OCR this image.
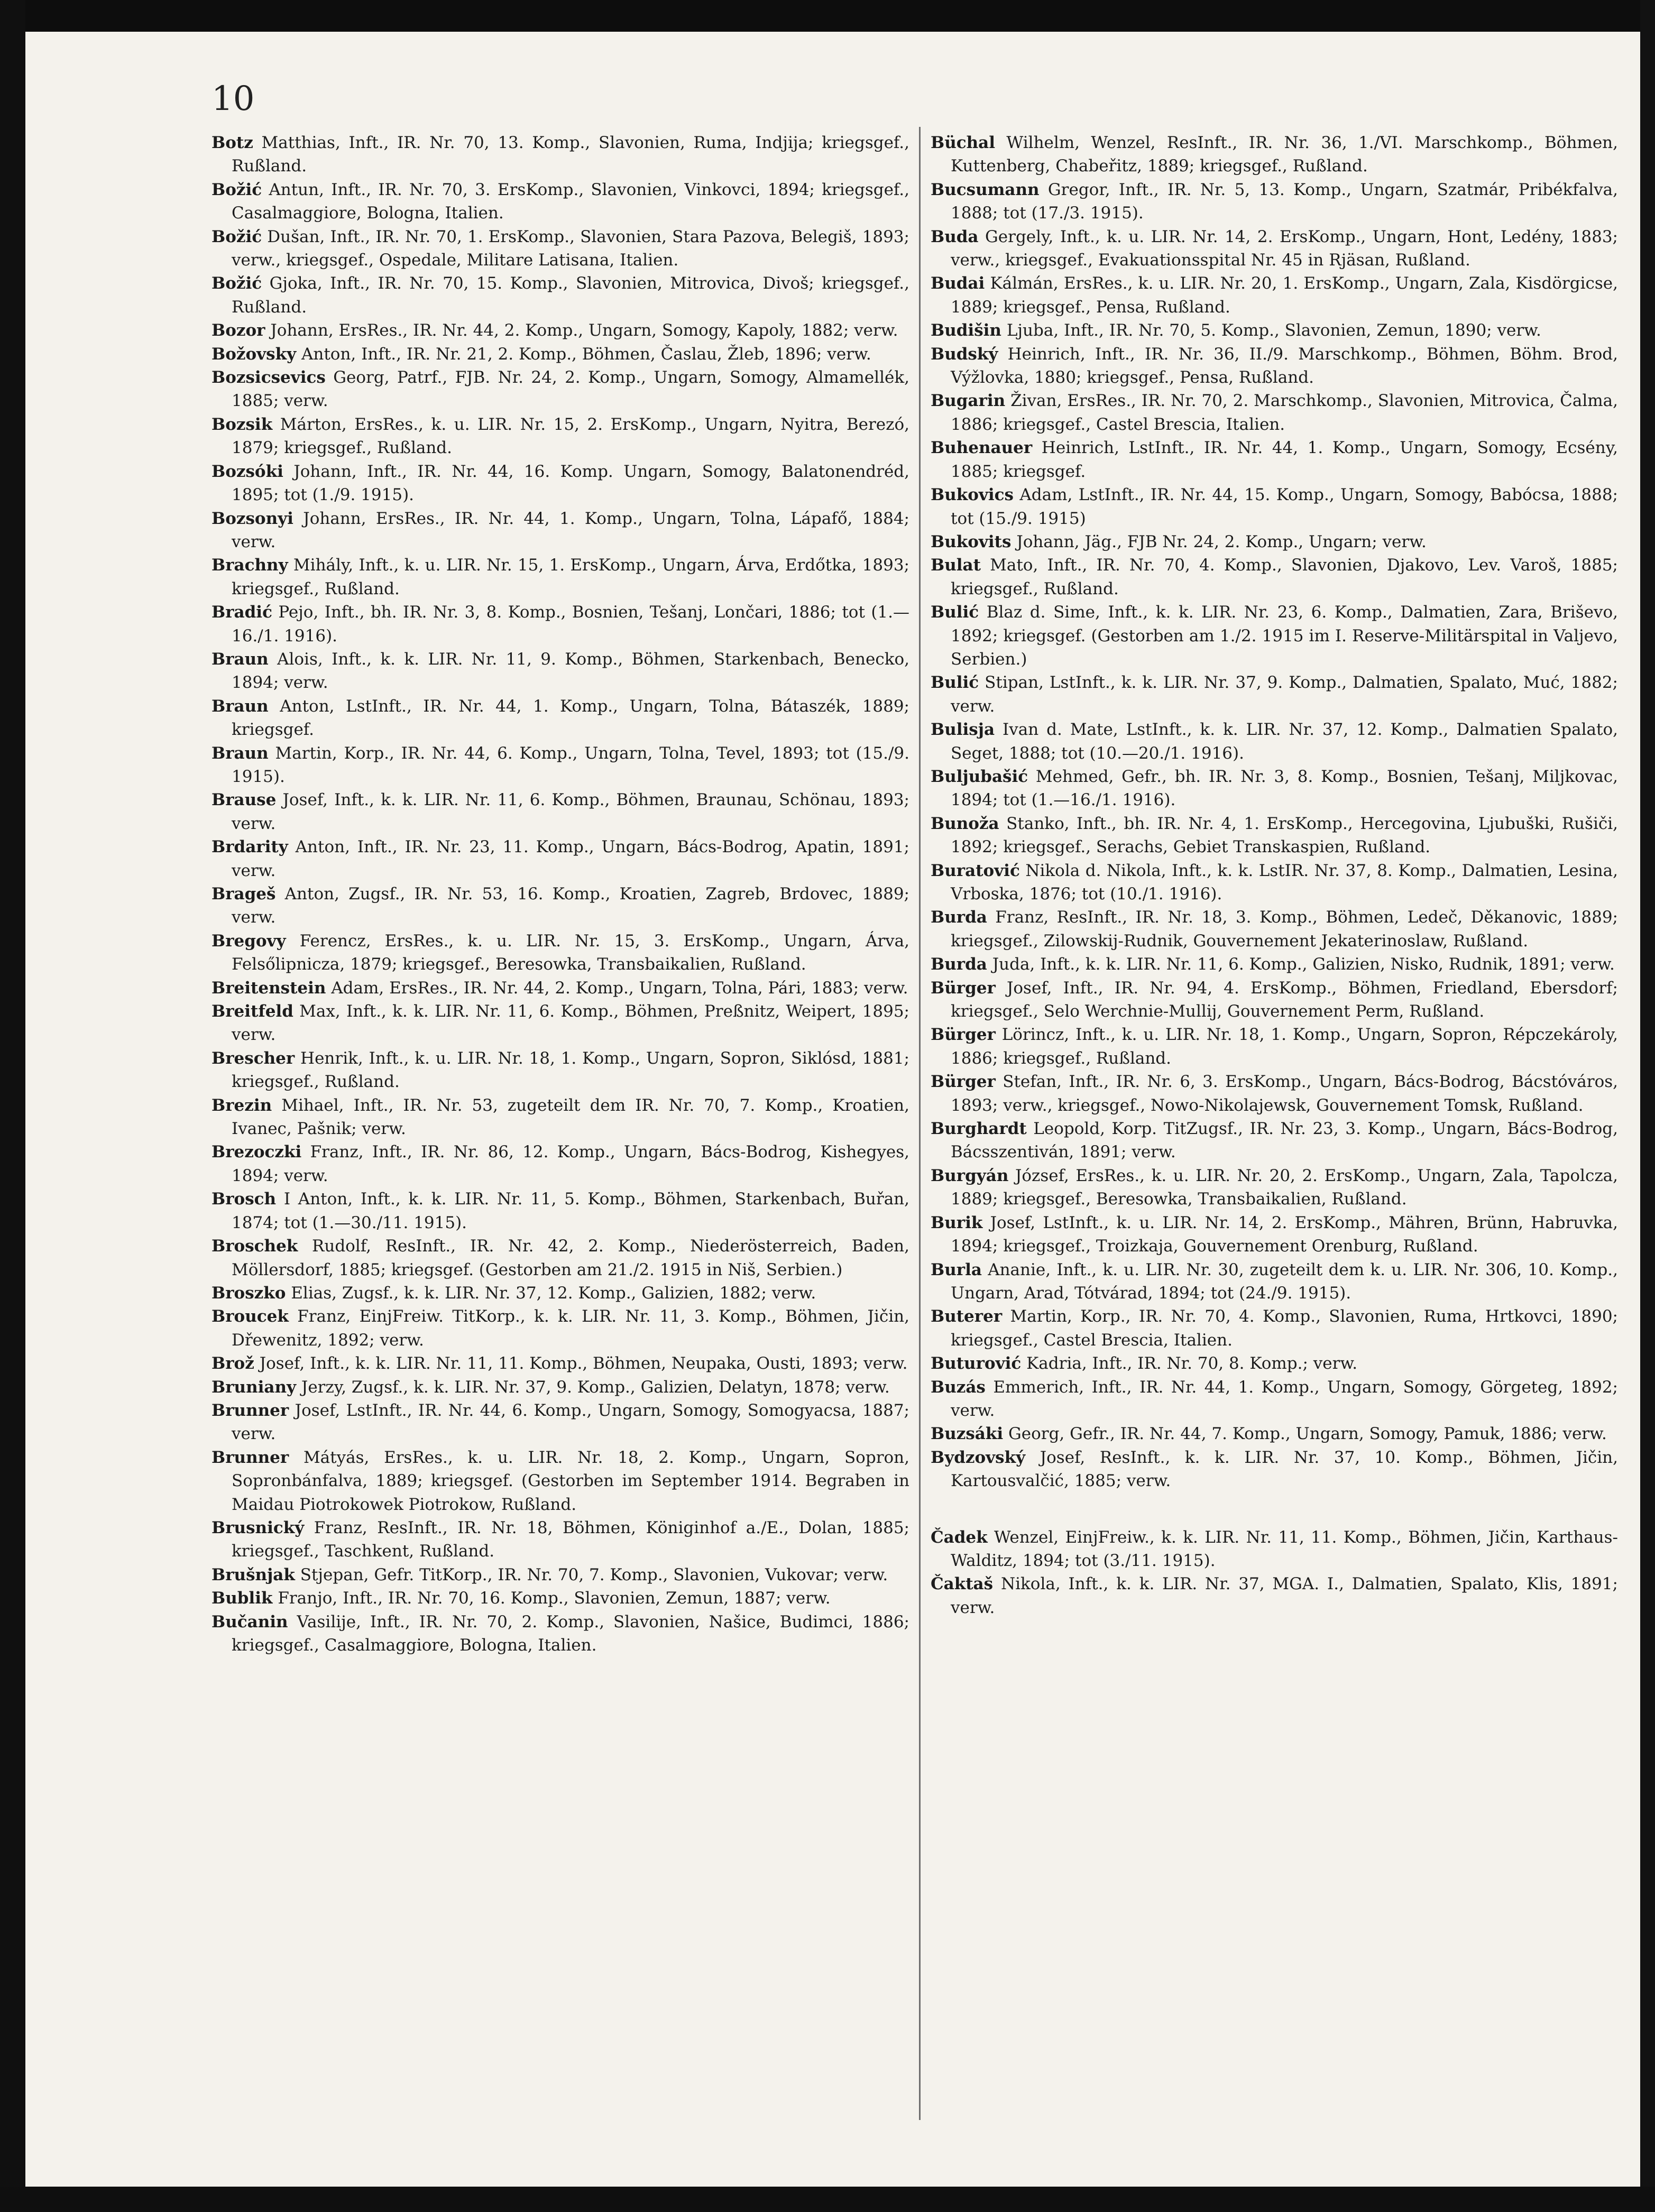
10

Botz Matthias, Inft., IR. Nr. 70, 13. Komp., Slavonien, Ruma, Indjija; kriegsgef., Rußland.

Božić Antun, Inft., IR. Nr. 70, 3. ErsKomp., Slavonien, Vinkovci, 1894; kriegsgef., Casalmaggiore, Bologna, Italien.

Božić Dušan, Inft., IR. Nr. 70, 1. ErsKomp., Slavonien, Stara Pazova, Belegiš, 1893; verw., kriegsgef., Ospedale, Militare Latisana, Italien.

Božić Gjoka, Inft., IR. Nr. 70, 15. Komp., Slavonien, Mitrovica, Divoš; kriegsgef., Rußland.

Bozor Johann, ErsRes., IR. Nr. 44, 2. Komp., Ungarn, Somogy, Kapoly, 1882; verw.

Božovsky Anton, Inft., IR. Nr. 21, 2. Komp., Böhmen, Časlau, Žleb, 1896; verw.

Bozsicsevics Georg, Patrf., FJB. Nr. 24, 2. Komp., Ungarn, Somogy, Almamellék, 1885; verw.

Bozsik Márton, ErsRes., k. u. LIR. Nr. 15, 2. ErsKomp., Ungarn, Nyitra, Berezó, 1879; kriegsgef., Rußland.

Bozsóki Johann, Inft., IR. Nr. 44, 16. Komp. Ungarn, Somogy, Balatonendréd, 1895; tot (1./9. 1915).

Bozsonyi Johann, ErsRes., IR. Nr. 44, 1. Komp., Ungarn, Tolna, Lápafő, 1884; verw.

Brachny Mihály, Inft., k. u. LIR. Nr. 15, 1. ErsKomp., Ungarn, Árva, Erdőtka, 1893; kriegsgef., Rußland.

Bradić Pejo, Inft., bh. IR. Nr. 3, 8. Komp., Bosnien, Tešanj, Lončari, 1886; tot (1.—16./1. 1916).

Braun Alois, Inft., k. k. LIR. Nr. 11, 9. Komp., Böhmen, Starkenbach, Benecko, 1894; verw.

Braun Anton, LstInft., IR. Nr. 44, 1. Komp., Ungarn, Tolna, Bátaszék, 1889; kriegsgef.

Braun Martin, Korp., IR. Nr. 44, 6. Komp., Ungarn, Tolna, Tevel, 1893; tot (15./9. 1915).

Brause Josef, Inft., k. k. LIR. Nr. 11, 6. Komp., Böhmen, Braunau, Schönau, 1893; verw.

Brdarity Anton, Inft., IR. Nr. 23, 11. Komp., Ungarn, Bács-Bodrog, Apatin, 1891; verw.

Brageš Anton, Zugsf., IR. Nr. 53, 16. Komp., Kroatien, Zagreb, Brdovec, 1889; verw.

Bregovy Ferencz, ErsRes., k. u. LIR. Nr. 15, 3. ErsKomp., Ungarn, Árva, Felsőlipnicza, 1879; kriegsgef., Beresowka, Transbaikalien, Rußland.

Breitenstein Adam, ErsRes., IR. Nr. 44, 2. Komp., Ungarn, Tolna, Pári, 1883; verw.

Breitfeld Max, Inft., k. k. LIR. Nr. 11, 6. Komp., Böhmen, Preßnitz, Weipert, 1895; verw.

Brescher Henrik, Inft., k. u. LIR. Nr. 18, 1. Komp., Ungarn, Sopron, Siklósd, 1881; kriegsgef., Rußland.

Brezin Mihael, Inft., IR. Nr. 53, zugeteilt dem IR. Nr. 70, 7. Komp., Kroatien, Ivanec, Pašnik; verw.

Brezoczki Franz, Inft., IR. Nr. 86, 12. Komp., Ungarn, Bács-Bodrog, Kishegyes, 1894; verw.

Brosch I Anton, Inft., k. k. LIR. Nr. 11, 5. Komp., Böhmen, Starkenbach, Buřan, 1874; tot (1.—30./11. 1915).

Broschek Rudolf, ResInft., IR. Nr. 42, 2. Komp., Niederösterreich, Baden, Möllersdorf, 1885; kriegsgef. (Gestorben am 21./2. 1915 in Niš, Serbien.)

Broszko Elias, Zugsf., k. k. LIR. Nr. 37, 12. Komp., Galizien, 1882; verw.

Broucek Franz, EinjFreiw. TitKorp., k. k. LIR. Nr. 11, 3. Komp., Böhmen, Jičin, Dřewenitz, 1892; verw.

Brož Josef, Inft., k. k. LIR. Nr. 11, 11. Komp., Böhmen, Neupaka, Ousti, 1893; verw.

Bruniany Jerzy, Zugsf., k. k. LIR. Nr. 37, 9. Komp., Galizien, Delatyn, 1878; verw.

Brunner Josef, LstInft., IR. Nr. 44, 6. Komp., Ungarn, Somogy, Somogyacsa, 1887; verw.

Brunner Mátyás, ErsRes., k. u. LIR. Nr. 18, 2. Komp., Ungarn, Sopron, Sopronbánfalva, 1889; kriegsgef. (Gestorben im September 1914. Begraben in Maidau Piotrokowek Piotrokow, Rußland.

Brusnický Franz, ResInft., IR. Nr. 18, Böhmen, Königinhof a./E., Dolan, 1885; kriegsgef., Taschkent, Rußland.

Brušnjak Stjepan, Gefr. TitKorp., IR. Nr. 70, 7. Komp., Slavonien, Vukovar; verw.

Bublik Franjo, Inft., IR. Nr. 70, 16. Komp., Slavonien, Zemun, 1887; verw.

Bučanin Vasilije, Inft., IR. Nr. 70, 2. Komp., Slavonien, Našice, Budimci, 1886; kriegsgef., Casalmaggiore, Bologna, Italien.

Büchal Wilhelm, Wenzel, ResInft., IR. Nr. 36, 1./VI. Marschkomp., Böhmen, Kuttenberg, Chabeřitz, 1889; kriegsgef., Rußland.

Bucsumann Gregor, Inft., IR. Nr. 5, 13. Komp., Ungarn, Szatmár, Pribékfalva, 1888; tot (17./3. 1915).

Buda Gergely, Inft., k. u. LIR. Nr. 14, 2. ErsKomp., Ungarn, Hont, Ledény, 1883; verw., kriegsgef., Evakuationsspital Nr. 45 in Rjäsan, Rußland.

Budai Kálmán, ErsRes., k. u. LIR. Nr. 20, 1. ErsKomp., Ungarn, Zala, Kisdörgicse, 1889; kriegsgef., Pensa, Rußland.

Budišin Ljuba, Inft., IR. Nr. 70, 5. Komp., Slavonien, Zemun, 1890; verw.

Budský Heinrich, Inft., IR. Nr. 36, II./9. Marschkomp., Böhmen, Böhm. Brod, Výžlovka, 1880; kriegsgef., Pensa, Rußland.

Bugarin Živan, ErsRes., IR. Nr. 70, 2. Marschkomp., Slavonien, Mitrovica, Čalma, 1886; kriegsgef., Castel Brescia, Italien.

Buhenauer Heinrich, LstInft., IR. Nr. 44, 1. Komp., Ungarn, Somogy, Ecsény, 1885; kriegsgef.

Bukovics Adam, LstInft., IR. Nr. 44, 15. Komp., Ungarn, Somogy, Babócsa, 1888; tot (15./9. 1915)

Bukovits Johann, Jäg., FJB Nr. 24, 2. Komp., Ungarn; verw.

Bulat Mato, Inft., IR. Nr. 70, 4. Komp., Slavonien, Djakovo, Lev. Varoš, 1885; kriegsgef., Rußland.

Bulić Blaz d. Sime, Inft., k. k. LIR. Nr. 23, 6. Komp., Dalmatien, Zara, Briševo, 1892; kriegsgef. (Gestorben am 1./2. 1915 im I. Reserve-Militärspital in Valjevo, Serbien.)

Bulić Stipan, LstInft., k. k. LIR. Nr. 37, 9. Komp., Dalmatien, Spalato, Muć, 1882; verw.

Bulisja Ivan d. Mate, LstInft., k. k. LIR. Nr. 37, 12. Komp., Dalmatien Spalato, Seget, 1888; tot (10.—20./1. 1916).

Buljubašić Mehmed, Gefr., bh. IR. Nr. 3, 8. Komp., Bosnien, Tešanj, Miljkovac, 1894; tot (1.—16./1. 1916).

Bunoža Stanko, Inft., bh. IR. Nr. 4, 1. ErsKomp., Hercegovina, Ljubuški, Rušiči, 1892; kriegsgef., Serachs, Gebiet Transkaspien, Rußland.

Buratović Nikola d. Nikola, Inft., k. k. LstIR. Nr. 37, 8. Komp., Dalmatien, Lesina, Vrboska, 1876; tot (10./1. 1916).

Burda Franz, ResInft., IR. Nr. 18, 3. Komp., Böhmen, Ledeč, Děkanovic, 1889; kriegsgef., Zilowskij-Rudnik, Gouvernement Jekaterinoslaw, Rußland.

Burda Juda, Inft., k. k. LIR. Nr. 11, 6. Komp., Galizien, Nisko, Rudnik, 1891; verw.

Bürger Josef, Inft., IR. Nr. 94, 4. ErsKomp., Böhmen, Friedland, Ebersdorf; kriegsgef., Selo Werchnie-Mullij, Gouvernement Perm, Rußland.

Bürger Lörincz, Inft., k. u. LIR. Nr. 18, 1. Komp., Ungarn, Sopron, Répczekároly, 1886; kriegsgef., Rußland.

Bürger Stefan, Inft., IR. Nr. 6, 3. ErsKomp., Ungarn, Bács-Bodrog, Bácstóváros, 1893; verw., kriegsgef., Nowo-Nikolajewsk, Gouvernement Tomsk, Rußland.

Burghardt Leopold, Korp. TitZugsf., IR. Nr. 23, 3. Komp., Ungarn, Bács-Bodrog, Bácsszentiván, 1891; verw.

Burgyán József, ErsRes., k. u. LIR. Nr. 20, 2. ErsKomp., Ungarn, Zala, Tapolcza, 1889; kriegsgef., Beresowka, Transbaikalien, Rußland.

Burik Josef, LstInft., k. u. LIR. Nr. 14, 2. ErsKomp., Mähren, Brünn, Habruvka, 1894; kriegsgef., Troizkaja, Gouvernement Orenburg, Rußland.

Burla Ananie, Inft., k. u. LIR. Nr. 30, zugeteilt dem k. u. LIR. Nr. 306, 10. Komp., Ungarn, Arad, Tótvárad, 1894; tot (24./9. 1915).

Buterer Martin, Korp., IR. Nr. 70, 4. Komp., Slavonien, Ruma, Hrtkovci, 1890; kriegsgef., Castel Brescia, Italien.

Buturović Kadria, Inft., IR. Nr. 70, 8. Komp.; verw.

Buzás Emmerich, Inft., IR. Nr. 44, 1. Komp., Ungarn, Somogy, Görgeteg, 1892; verw.

Buzsáki Georg, Gefr., IR. Nr. 44, 7. Komp., Ungarn, Somogy, Pamuk, 1886; verw.

Bydzovský Josef, ResInft., k. k. LIR. Nr. 37, 10. Komp., Böhmen, Jičin, Kartousvalčić, 1885; verw.

Čadek Wenzel, EinjFreiw., k. k. LIR. Nr. 11, 11. Komp., Böhmen, Jičin, Karthaus-Walditz, 1894; tot (3./11. 1915).

Čaktaš Nikola, Inft., k. k. LIR. Nr. 37, MGA. I., Dalmatien, Spalato, Klis, 1891; verw.
